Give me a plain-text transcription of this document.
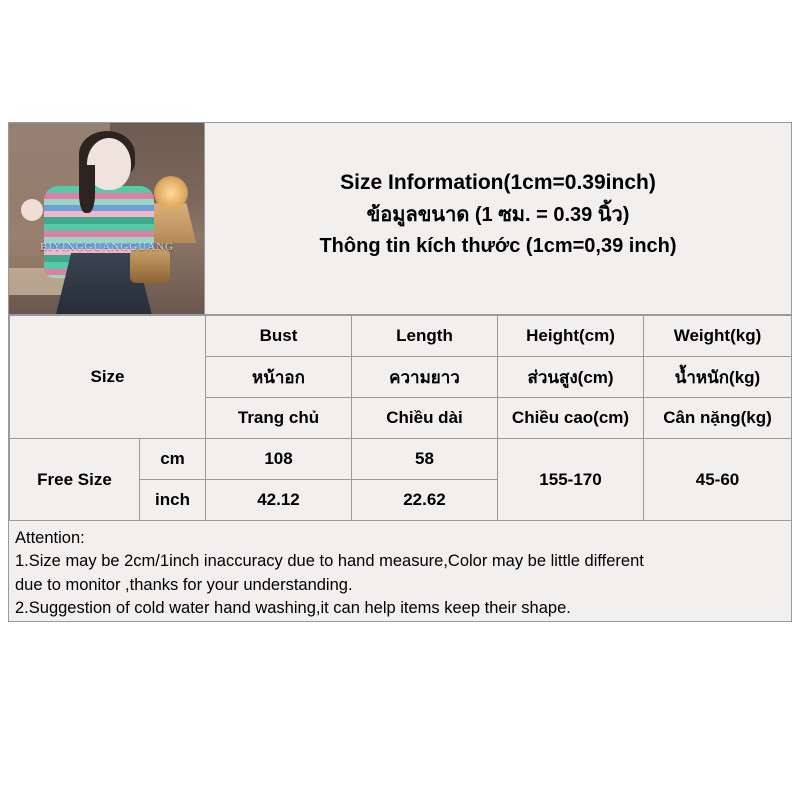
BIYINGGUANGGUANG
Size Information(1cm=0.39inch)
ข้อมูลขนาด (1 ซม. = 0.39 นิ้ว)
Thông tin kích thước (1cm=0,39 inch)
Size		Bust	Length	Height(cm)	Weight(kg)
		หน้าอก	ความยาว	ส่วนสูง(cm)	น้ำหนัก(kg)
		Trang chủ	Chiều dài	Chiều cao(cm)	Cân nặng(kg)
Free Size	cm	108	58	155-170	45-60
	inch	42.12	22.62		
Attention:
1.Size may be 2cm/1inch inaccuracy due to hand measure,Color may be little different
due to monitor ,thanks for your understanding.
2.Suggestion of cold water hand washing,it can help items keep their shape.
